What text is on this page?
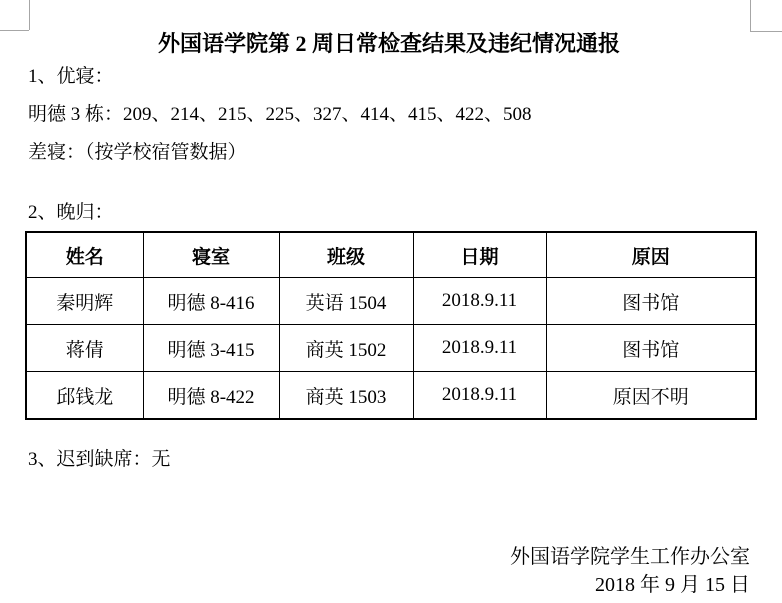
外国语学院第 2 周日常检查结果及违纪情况通报
1、优寝：
明德 3 栋：209、214、215、225、327、414、415、422、508
差寝：（按学校宿管数据）
2、晚归：
姓名	寝室	班级	日期	原因
秦明辉	明德 8-416	英语 1504	2018.9.11	图书馆
蒋倩	明德 3-415	商英 1502	2018.9.11	图书馆
邱钱龙	明德 8-422	商英 1503	2018.9.11	原因不明
3、迟到缺席：无
外国语学院学生工作办公室
2018 年 9 月 15 日
